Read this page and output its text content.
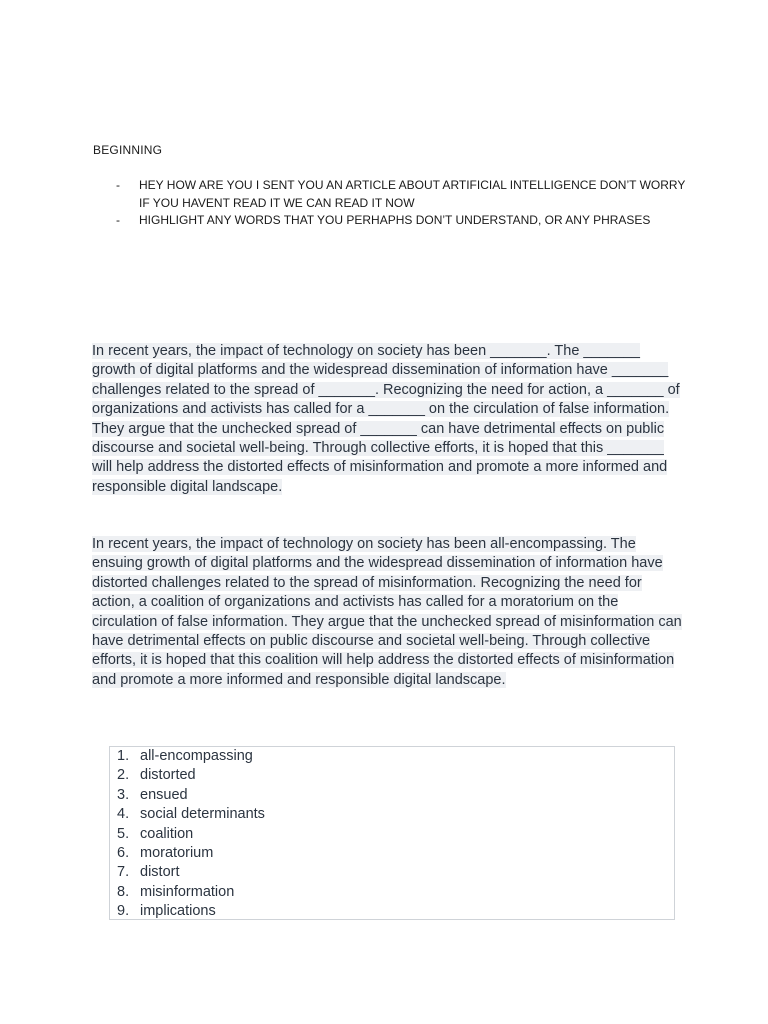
BEGINNING
- HEY HOW ARE YOU I SENT YOU AN ARTICLE ABOUT ARTIFICIAL INTELLIGENCE DON’T WORRY IF YOU HAVENT READ IT WE CAN READ IT NOW
- HIGHLIGHT ANY WORDS THAT YOU PERHAPHS DON’T UNDERSTAND, OR ANY PHRASES

In recent years, the impact of technology on society has been _______. The _______ growth of digital platforms and the widespread dissemination of information have _______ challenges related to the spread of _______. Recognizing the need for action, a _______ of organizations and activists has called for a _______ on the circulation of false information. They argue that the unchecked spread of _______ can have detrimental effects on public discourse and societal well-being. Through collective efforts, it is hoped that this _______ will help address the distorted effects of misinformation and promote a more informed and responsible digital landscape.

In recent years, the impact of technology on society has been all-encompassing. The ensuing growth of digital platforms and the widespread dissemination of information have distorted challenges related to the spread of misinformation. Recognizing the need for action, a coalition of organizations and activists has called for a moratorium on the circulation of false information. They argue that the unchecked spread of misinformation can have detrimental effects on public discourse and societal well-being. Through collective efforts, it is hoped that this coalition will help address the distorted effects of misinformation and promote a more informed and responsible digital landscape.

1. all-encompassing
2. distorted
3. ensued
4. social determinants
5. coalition
6. moratorium
7. distort
8. misinformation
9. implications
